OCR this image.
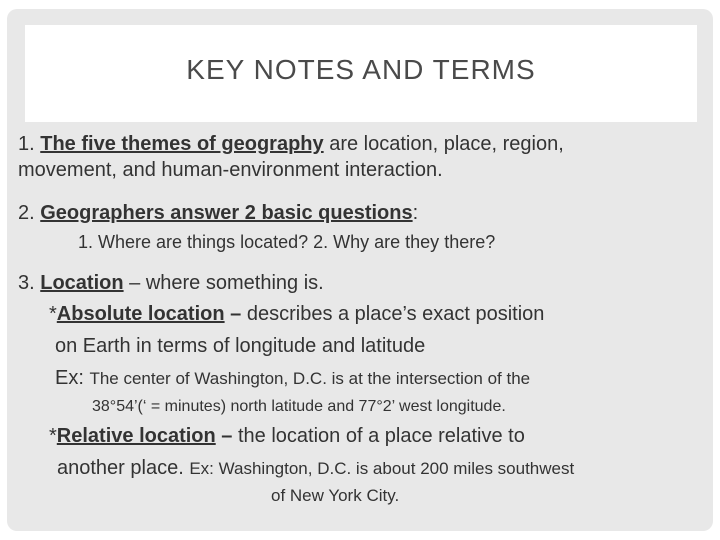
KEY NOTES AND TERMS
1. The five themes of geography are location, place, region,
movement, and human-environment interaction.
2. Geographers answer 2 basic questions:
1. Where are things located? 2. Why are they there?
3. Location – where something is.
*Absolute location – describes a place’s exact position
on Earth in terms of longitude and latitude
Ex: The center of Washington, D.C. is at the intersection of the
38°54’(‘ = minutes) north latitude and 77°2’ west longitude.
*Relative location – the location of a place relative to
another place. Ex: Washington, D.C. is about 200 miles southwest
of New York City.
